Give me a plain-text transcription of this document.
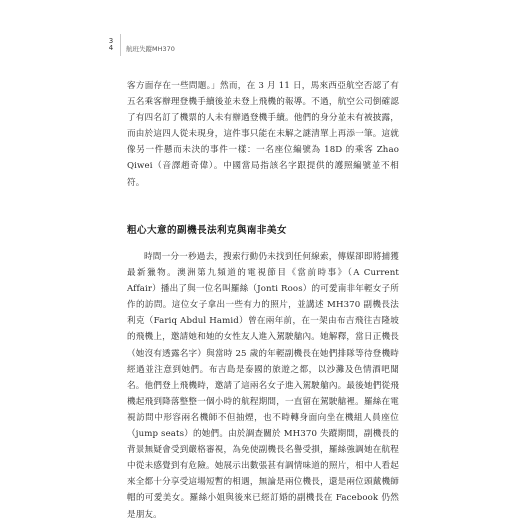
3
4 航班失蹤MH370

客方面存在一些問題。」然而，在 3 月 11 日，馬來西亞航空否認了有五名乘客辦理登機手續後並未登上飛機的報導。不過，航空公司倒確認了有四名訂了機票的人未有辦過登機手續。他們的身分並未有被披露，而由於這四人從未現身，這件事只能在未解之謎清單上再添一筆。這就像另一件懸而未決的事件一樣：一名座位編號為 18D 的乘客 Zhao Qiwei（音譯趙奇偉）。中國當局指該名字跟提供的護照編號並不相符。

粗心大意的副機長法利克與南非美女

時間一分一秒過去，搜索行動仍未找到任何線索，傳媒卻即將捕獲最新獵物。澳洲第九頻道的電視節目《當前時事》（A Current Affair）播出了與一位名叫羅絲（Jonti Roos）的可愛南非年輕女子所作的訪問。這位女子拿出一些有力的照片，並講述 MH370 副機長法利克（Fariq Abdul Hamid）曾在兩年前，在一架由布吉飛往吉隆坡的飛機上，邀請她和她的女性友人進入駕駛艙內。她解釋，當日正機長（她沒有透露名字）與當時 25 歲的年輕副機長在她們排隊等待登機時經過並注意到她們。布吉島是泰國的旅遊之都，以沙灘及色情酒吧聞名。他們登上飛機時，邀請了這兩名女子進入駕駛艙內。最後她們從飛機起飛到降落整整一個小時的航程期間，一直留在駕駛艙裡。羅絲在電視訪問中形容兩名機師不但抽煙，也不時轉身面向坐在機組人員座位（jump seats）的她們。由於調查關於 MH370 失蹤期間，副機長的背景無疑會受到嚴格審視，為免使副機長名譽受損，羅絲強調她在航程中從未感覺到有危險。她展示出數張甚有調情味道的照片，相中人看起來全都十分享受這場短暫的相遇，無論是兩位機長，還是兩位頭戴機師帽的可愛美女。羅絲小姐與後來已經訂婚的副機長在 Facebook 仍然是朋友。
